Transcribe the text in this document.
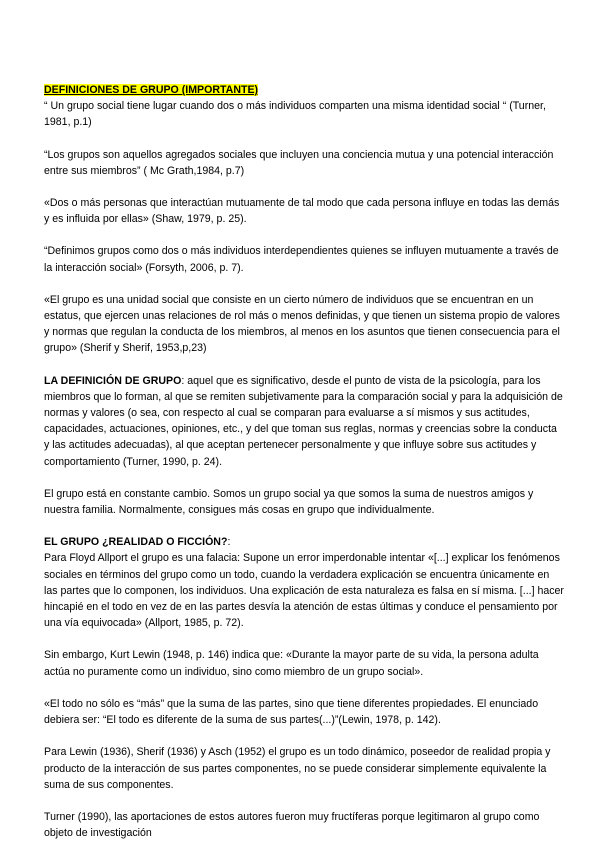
DEFINICIONES DE GRUPO (IMPORTANTE)

“ Un grupo social tiene lugar cuando dos o más individuos comparten una misma identidad social “ (Turner, 1981, p.1)

“Los grupos son aquellos agregados sociales que incluyen una conciencia mutua y una potencial interacción entre sus miembros” ( Mc Grath,1984, p.7)

«Dos o más personas que interactúan mutuamente de tal modo que cada persona influye en todas las demás y es influida por ellas» (Shaw, 1979, p. 25).

“Definimos grupos como dos o más individuos interdependientes quienes se influyen mutuamente a través de la interacción social» (Forsyth, 2006, p. 7).

«El grupo es una unidad social que consiste en un cierto número de individuos que se encuentran en un estatus, que ejercen unas relaciones de rol más o menos definidas, y que tienen un sistema propio de valores y normas que regulan la conducta de los miembros, al menos en los asuntos que tienen consecuencia para el grupo» (Sherif y Sherif, 1953,p,23)

LA DEFINICIÓN DE GRUPO: aquel que es significativo, desde el punto de vista de la psicología, para los miembros que lo forman, al que se remiten subjetivamente para la comparación social y para la adquisición de normas y valores (o sea, con respecto al cual se comparan para evaluarse a sí mismos y sus actitudes, capacidades, actuaciones, opiniones, etc., y del que toman sus reglas, normas y creencias sobre la conducta y las actitudes adecuadas), al que aceptan pertenecer personalmente y que influye sobre sus actitudes y comportamiento (Turner, 1990, p. 24).

El grupo está en constante cambio. Somos un grupo social ya que somos la suma de nuestros amigos y nuestra familia. Normalmente, consigues más cosas en grupo que individualmente.

EL GRUPO ¿REALIDAD O FICCIÓN?:

Para Floyd Allport el grupo es una falacia: Supone un error imperdonable intentar «[...] explicar los fenómenos sociales en términos del grupo como un todo, cuando la verdadera explicación se encuentra únicamente en las partes que lo componen, los individuos. Una explicación de esta naturaleza es falsa en sí misma. [...] hacer hincapié en el todo en vez de en las partes desvía la atención de estas últimas y conduce el pensamiento por una vía equivocada» (Allport, 1985, p. 72).

Sin embargo, Kurt Lewin (1948, p. 146) indica que: «Durante la mayor parte de su vida, la persona adulta actúa no puramente como un individuo, sino como miembro de un grupo social».

«El todo no sólo es “más” que la suma de las partes, sino que tiene diferentes propiedades. El enunciado debiera ser: “El todo es diferente de la suma de sus partes(...)”(Lewin, 1978, p. 142).

Para Lewin (1936), Sherif (1936) y Asch (1952) el grupo es un todo dinámico, poseedor de realidad propia y producto de la interacción de sus partes componentes, no se puede considerar simplemente equivalente la suma de sus componentes.

Turner (1990), las aportaciones de estos autores fueron muy fructíferas porque legitimaron al grupo como objeto de investigación
